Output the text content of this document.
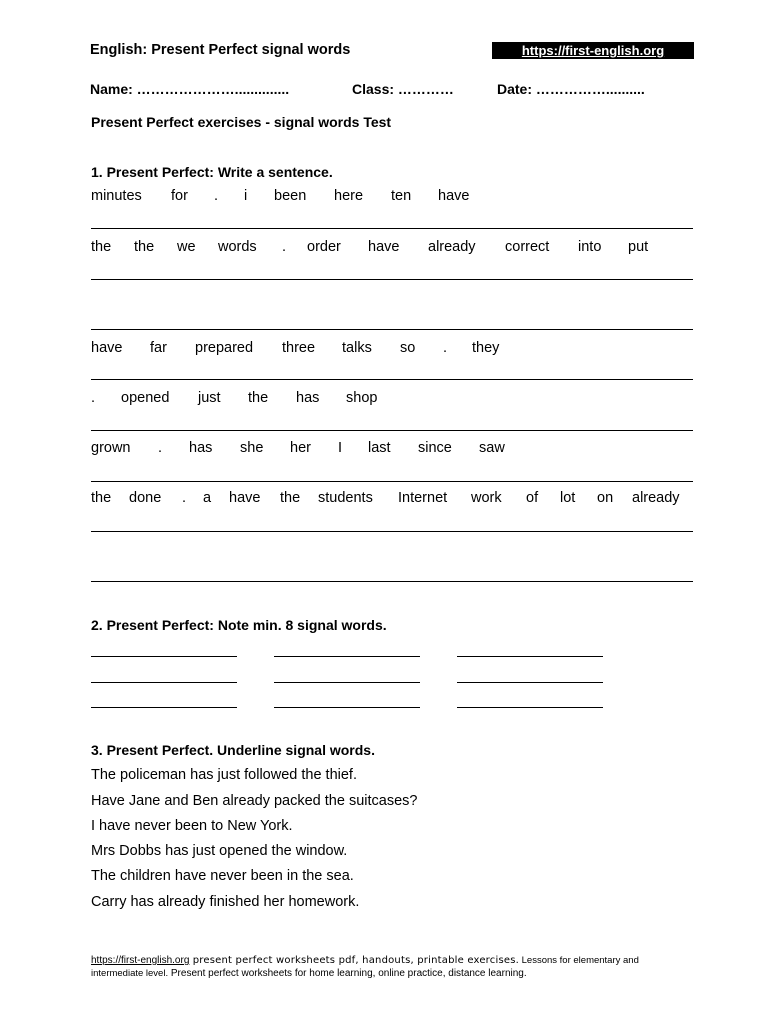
English: Present Perfect signal words	https://first-english.org
Name: …………………..............	Class: …………	Date: ……………..........
Present Perfect exercises - signal words Test
1. Present Perfect: Write a sentence.
minutes for . i been here ten have
the the we words . order have already correct into put
have far prepared three talks so . they
. opened just the has shop
grown . has she her I last since saw
the done . a have the students Internet work of lot on already
2. Present Perfect: Note min. 8 signal words.
3. Present Perfect. Underline signal words.
The policeman has just followed the thief.
Have Jane and Ben already packed the suitcases?
I have never been to New York.
Mrs Dobbs has just opened the window.
The children have never been in the sea.
Carry has already finished her homework.
https://first-english.org present perfect worksheets pdf, handouts, printable exercises. Lessons for elementary and intermediate level. Present perfect worksheets for home learning, online practice, distance learning.
